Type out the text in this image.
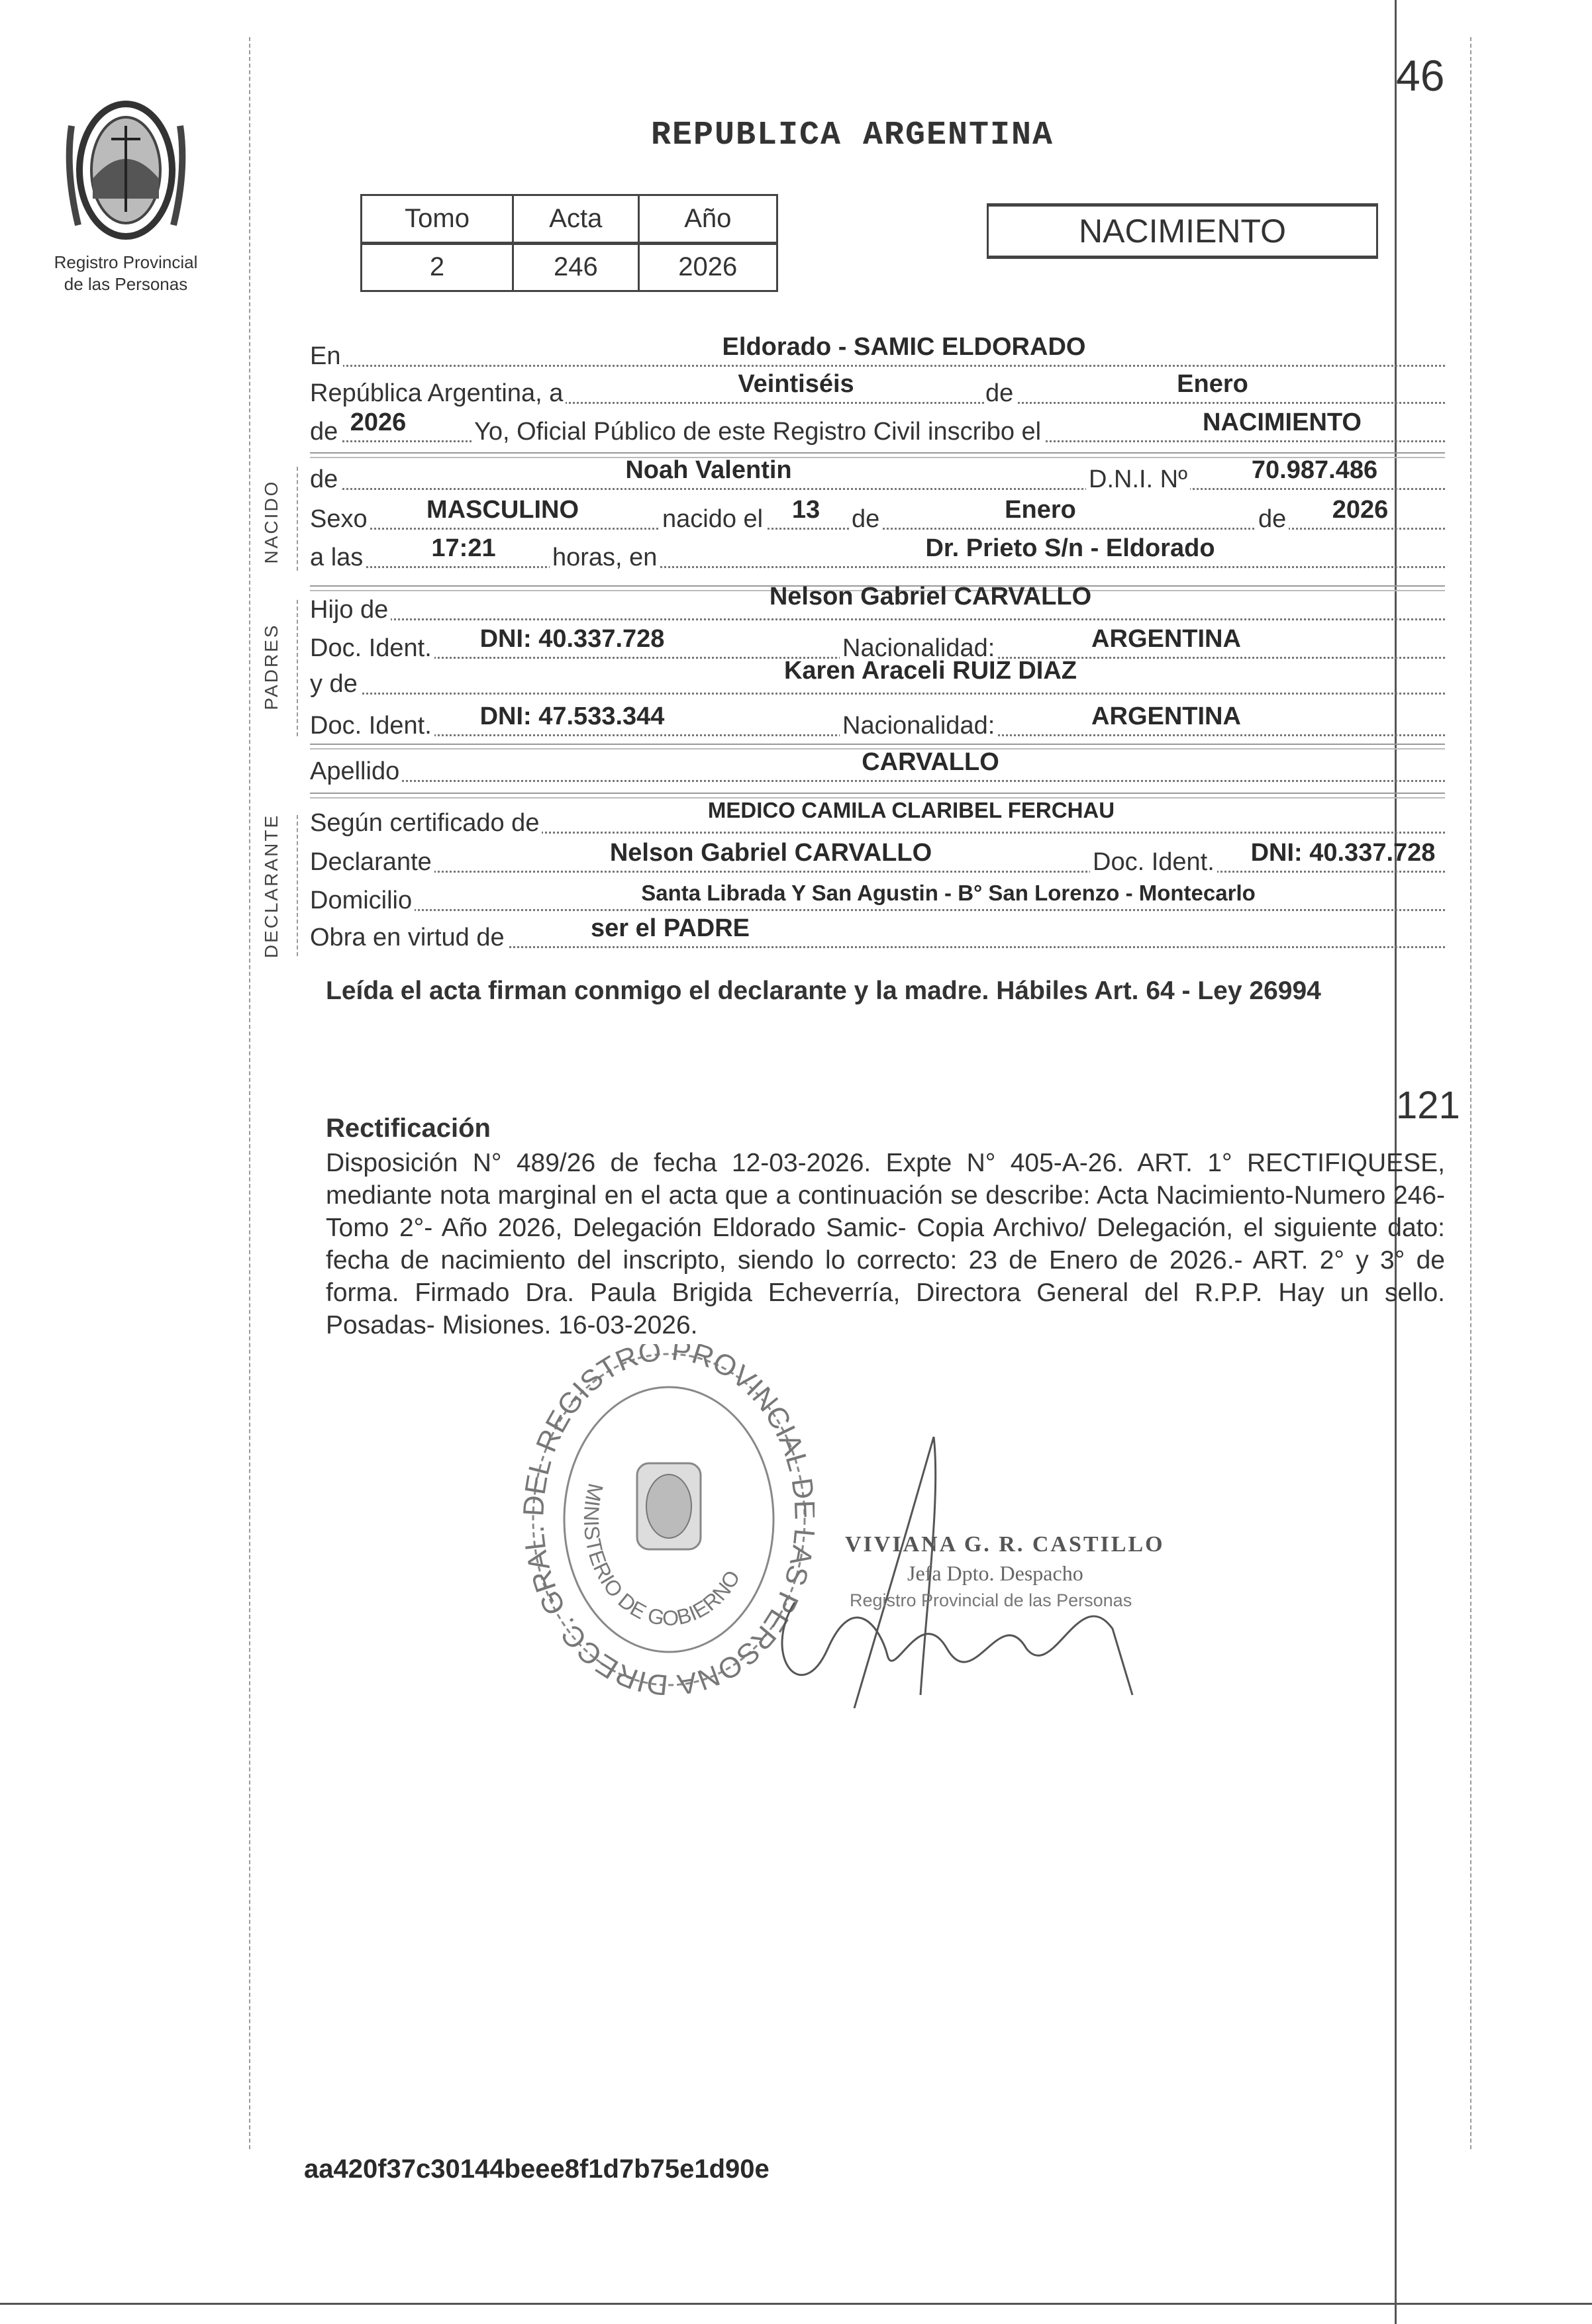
Registro Provincial
de las Personas
REPUBLICA ARGENTINA
Tomo	Acta	Año
2	246	2026
NACIMIENTO
46
NACIDO
PADRES
DECLARANTE
En	Eldorado - SAMIC ELDORADO
República Argentina, a	Veintiséis	de	Enero
de 2026	Yo, Oficial Público de este Registro Civil inscribo el	NACIMIENTO
de	Noah Valentin	D.N.I. Nº	70.987.486
Sexo MASCULINO	nacido el 13 de	Enero	de 2026
a las	17:21 horas, en	Dr. Prieto S/n - Eldorado
Hijo de	Nelson Gabriel CARVALLO
Doc. Ident. DNI: 40.337.728	Nacionalidad:	ARGENTINA
y de	Karen Araceli RUIZ DIAZ
Doc. Ident. DNI: 47.533.344	Nacionalidad:	ARGENTINA
Apellido	CARVALLO
Según certificado de	MEDICO CAMILA CLARIBEL FERCHAU
Declarante	Nelson Gabriel CARVALLO	Doc. Ident. DNI: 40.337.728
Domicilio	Santa Librada Y San Agustin - B° San Lorenzo - Montecarlo
Obra en virtud de	ser el PADRE
Leída el acta firman conmigo el declarante y la madre. Hábiles Art. 64 - Ley 26994
121
Rectificación
Disposición N° 489/26 de fecha 12-03-2026. Expte N° 405-A-26. ART. 1° RECTIFIQUESE, mediante nota marginal en el acta que a continuación se describe: Acta Nacimiento-Numero 246- Tomo 2°- Año 2026, Delegación Eldorado Samic- Copia Archivo/ Delegación, el siguiente dato: fecha de nacimiento del inscripto, siendo lo correcto: 23 de Enero de 2026.- ART. 2° y 3° de forma. Firmado Dra. Paula Brigida Echeverría, Directora General del R.P.P. Hay un sello. Posadas- Misiones. 16-03-2026.
DIRECC. GRA L REGISTRO PROVINCIAL S PERSONA
MINISTERIO DE GOBIERNO
VIVIANA G. R. CASTILLO
Jefa Dpto. Despacho
Registro Provincial de las Personas
aa420f37c30144beee8f1d7b75e1d90e
